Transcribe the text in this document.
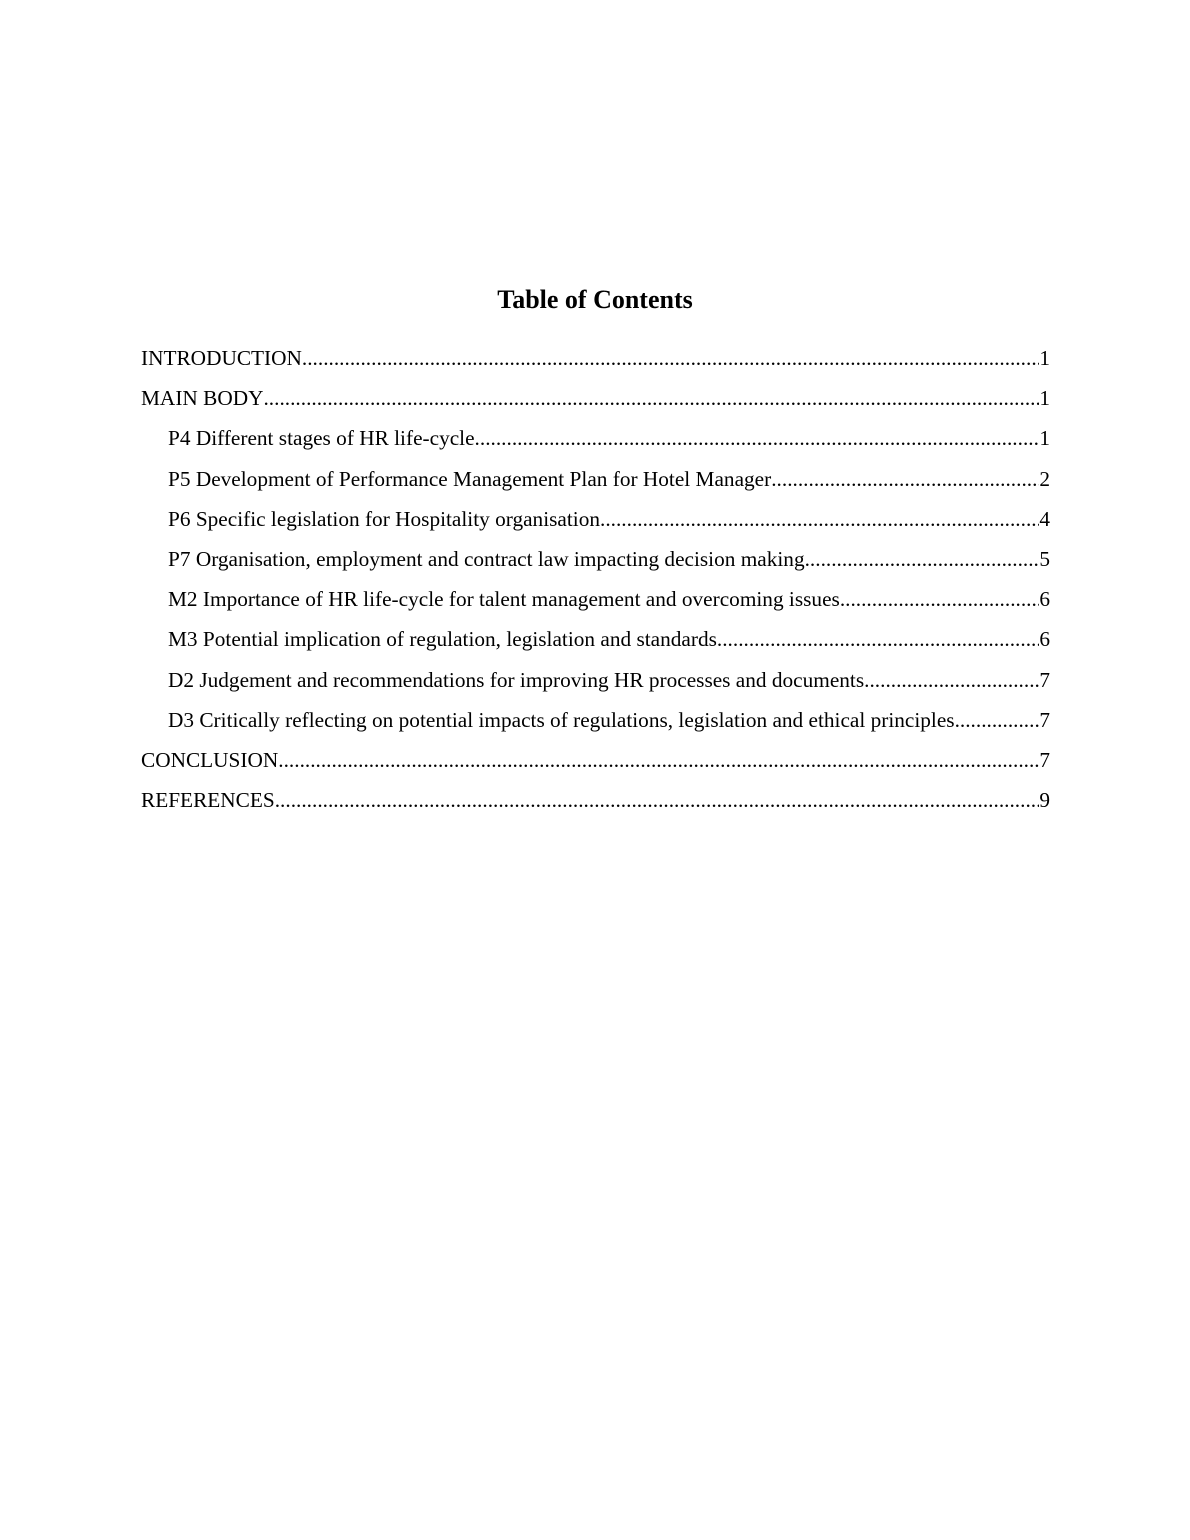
Table of Contents
INTRODUCTION .....	1
MAIN BODY .....	1
P4 Different stages of HR life-cycle .....	1
P5 Development of Performance Management Plan for Hotel Manager .....	2
P6 Specific legislation for Hospitality organisation .....	4
P7 Organisation, employment and contract law impacting decision making .....	5
M2 Importance of HR life-cycle for talent management and overcoming issues .....	6
M3 Potential implication of regulation, legislation and standards .....	6
D2 Judgement and recommendations for improving HR processes and documents .....	7
D3 Critically reflecting on potential impacts of regulations, legislation and ethical principles. .....	7
CONCLUSION .....	7
REFERENCES .....	9
